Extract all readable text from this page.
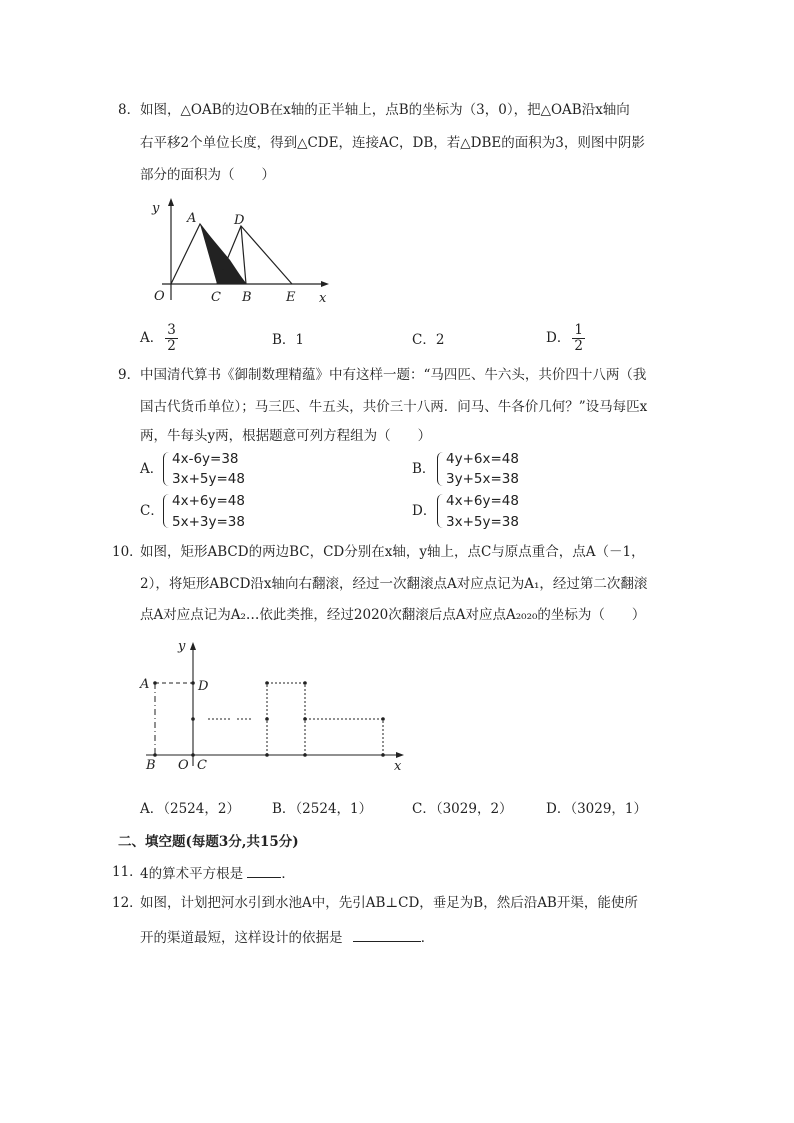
8． 如图，△OAB的边OB在x轴的正半轴上，点B的坐标为（3，0），把△OAB沿x轴向
右平移2个单位长度，得到△CDE，连接AC，DB，若△DBE的面积为3，则图中阴影
部分的面积为（　　）
y
A	D
O	C B	E x
A． $\frac{3}{2}$	B．1	C．2	D． $\frac{1}{2}$
9． 中国清代算书《御制数理精蕴》中有这样一题：“马四匹、牛六头，共价四十八两（我
国古代货币单位）；马三匹、牛五头，共价三十八两．问马、牛各价几何？”设马每匹x
两，牛每头y两，根据题意可列方程组为（　　）
A．
4x-6y=38
3x+5y=48
B．
4y+6x=48
3y+5x=38
C．
4x+6y=48
5x+3y=38
D．
4x+6y=48
3x+5y=38
10．
如图，矩形ABCD的两边BC，CD分别在x轴，y轴上，点C与原点重合，点A（－1，
2），将矩形ABCD沿x轴向右翻滚，经过一次翻滚点A对应点记为A₁，经过第二次翻滚
点A对应点记为A₂…依此类推，经过2020次翻滚后点A对应点A₂₀₂₀的坐标为（　　）
y
A	D
B O C	x
A．（2524，2） B．（2524，1）	C．（3029，2） D．（3029，1）
二、填空题(每题3分,共15分)
11．
4的算术平方根是	．
12．
如图，计划把河水引到水池A中，先引AB⊥CD，垂足为B，然后沿AB开渠，能使所
开的渠道最短，这样设计的依据是	．
